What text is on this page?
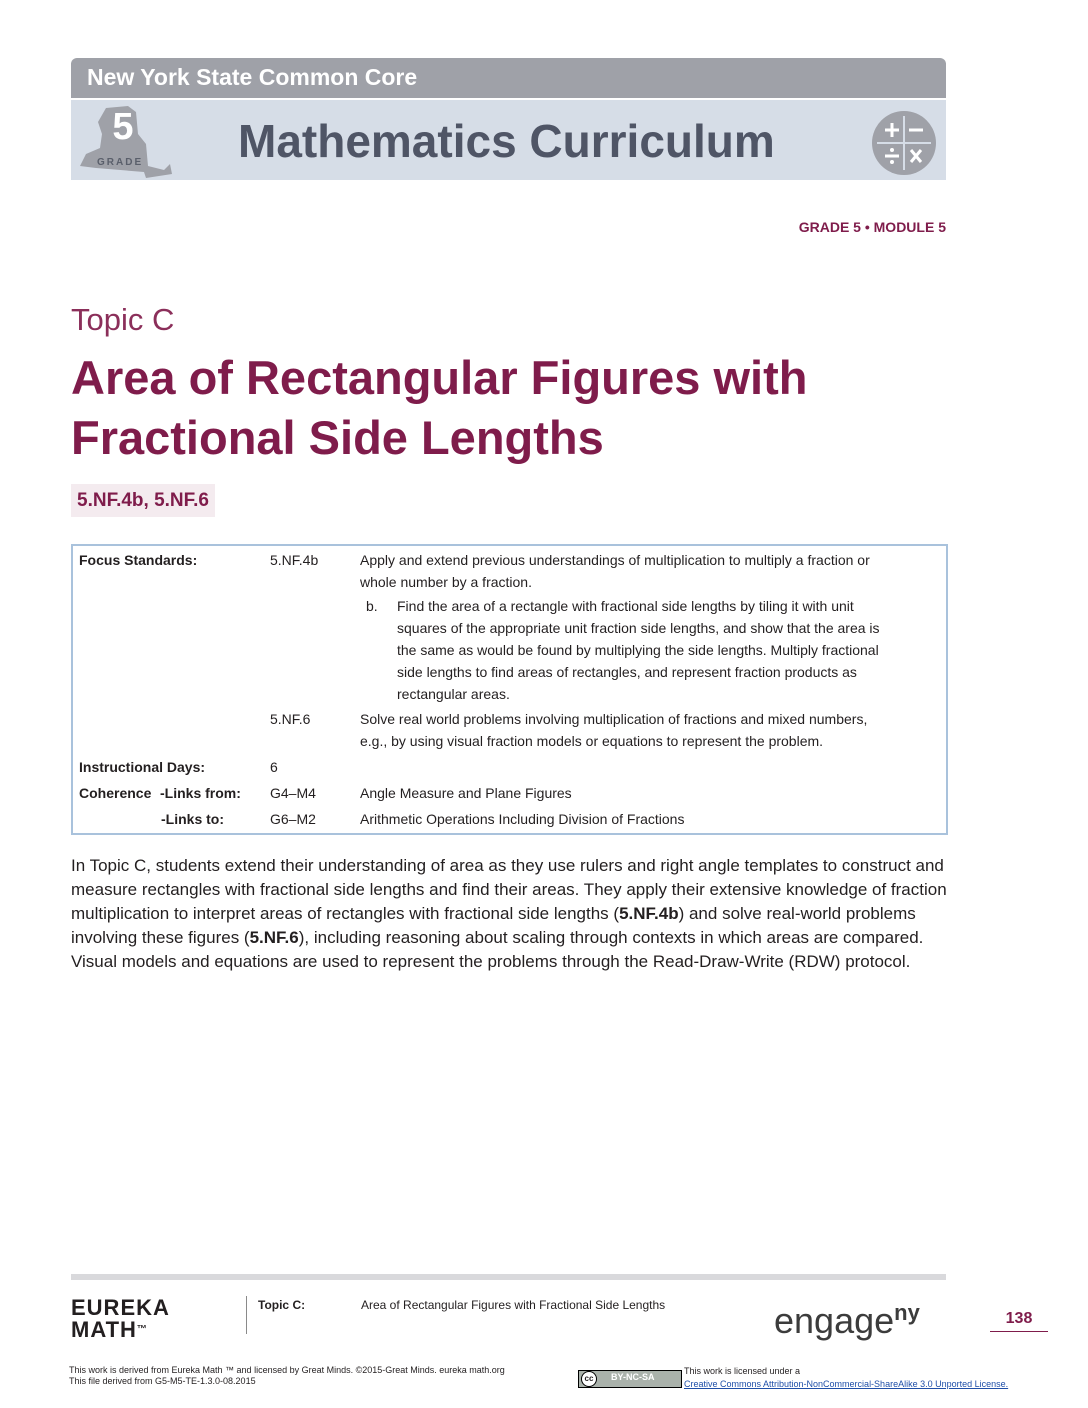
New York State Common Core
5
GRADE Mathematics Curriculum
GRADE 5 • MODULE 5
Topic C
Area of Rectangular Figures with Fractional Side Lengths
5.NF.4b, 5.NF.6
Focus Standards:	5.NF.4b	Apply and extend previous understandings of multiplication to multiply a fraction or
whole number by a fraction.
b. Find the area of a rectangle with fractional side lengths by tiling it with unit
squares of the appropriate unit fraction side lengths, and show that the area is
the same as would be found by multiplying the side lengths. Multiply fractional
side lengths to find areas of rectangles, and represent fraction products as
rectangular areas.
5.NF.6	Solve real world problems involving multiplication of fractions and mixed numbers,
e.g., by using visual fraction models or equations to represent the problem.
Instructional Days:	6
Coherence -Links from: G4–M4	Angle Measure and Plane Figures
-Links to:	G6–M2	Arithmetic Operations Including Division of Fractions
In Topic C, students extend their understanding of area as they use rulers and right angle templates to construct and measure rectangles with fractional side lengths and find their areas. They apply their extensive knowledge of fraction multiplication to interpret areas of rectangles with fractional side lengths (5.NF.4b) and solve real-world problems involving these figures (5.NF.6), including reasoning about scaling through contexts in which areas are compared. Visual models and equations are used to represent the problems through the Read-Draw-Write (RDW) protocol.
EUREKA
MATH™
Topic C:	Area of Rectangular Figures with Fractional Side Lengths	engage$^{ny}$	138
This work is derived from Eureka Math ™ and licensed by Great Minds. ©2015-Great Minds. eureka math.org
This file derived from G5-M5-TE-1.3.0-08.2015	cc	BY-NC-SA
This work is licensed under a
Creative Commons Attribution-NonCommercial-ShareAlike 3.0 Unported License.
